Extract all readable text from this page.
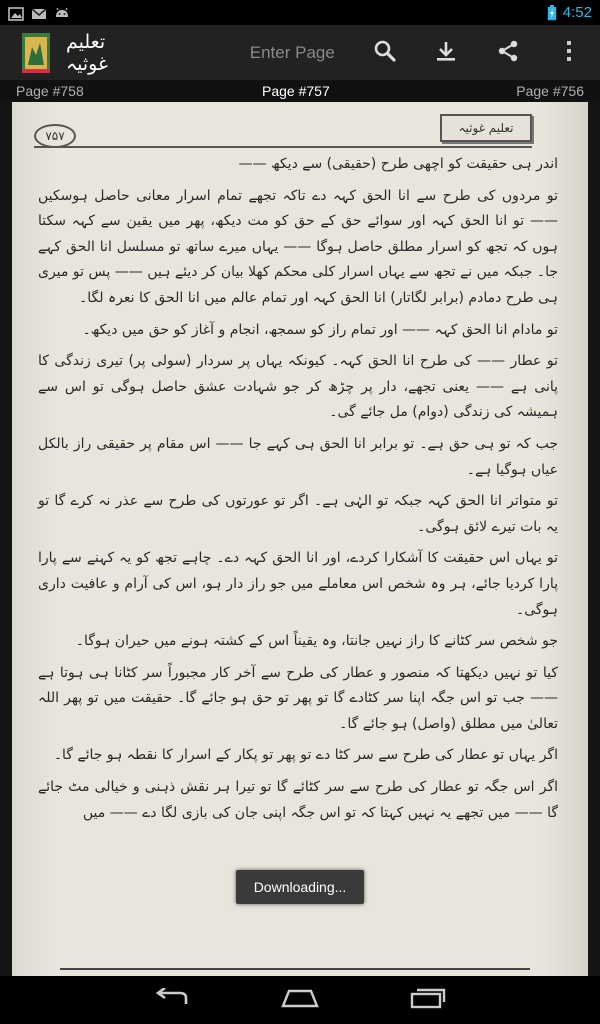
4:52
تعلیم غوثیہ
Enter Page
Page #758	Page #757	Page #756
۷۵۷
تعلیم غوثیہ

اندر ہی حقیقت کو اچھی طرح (حقیقی) سے دیکھ ——

تو مردوں کی طرح سے انا الحق کہہ دے تاکہ تجھے تمام اسرار معانی حاصل ہوسکیں —— تو انا الحق کہہ اور سوائے حق کے حق کو مت دیکھ، پھر میں یقین سے کہہ سکتا ہوں کہ تجھ کو اسرار مطلق حاصل ہوگا —— یہاں میرے ساتھ تو مسلسل انا الحق کہے جا۔ جبکہ میں نے تجھ سے یہاں اسرار کلی محکم کھلا بیان کر دیئے ہیں —— پس تو میری ہی طرح دمادم (برابر لگاتار) انا الحق کہہ اور تمام عالم میں انا الحق کا نعرہ لگا۔

تو مادام انا الحق کہہ —— اور تمام راز کو سمجھ، انجام و آغاز کو حق میں دیکھ۔

تو عطار —— کی طرح انا الحق کہہ۔ کیونکہ یہاں پر سردار (سولی پر) تیری زندگی کا پانی ہے —— یعنی تجھے، دار پر چڑھ کر جو شہادت عشق حاصل ہوگی تو اس سے ہمیشہ کی زندگی (دوام) مل جائے گی۔

جب کہ تو ہی حق ہے۔ تو برابر انا الحق ہی کہے جا —— اس مقام پر حقیقی راز بالکل عیاں ہوگیا ہے۔

تو متواتر انا الحق کہہ جبکہ تو الہٰی ہے۔ اگر تو عورتوں کی طرح سے عذر نہ کرے گا تو یہ بات تیرے لائق ہوگی۔

تو یہاں اس حقیقت کا آشکارا کردے، اور انا الحق کہہ دے۔ چاہے تجھ کو یہ کہنے سے پارا پارا کردیا جائے، ہر وہ شخص اس معاملے میں جو راز دار ہو، اس کی آرام و عافیت داری ہوگی۔

جو شخص سر کٹانے کا راز نہیں جانتا، وہ یقیناً اس کے کشتہ ہونے میں حیران ہوگا۔

کیا تو نہیں دیکھتا کہ منصور و عطار کی طرح سے آخر کار مجبوراً سر کٹانا ہی ہوتا ہے —— جب تو اس جگہ اپنا سر کٹادے گا تو پھر تو حق ہو جائے گا۔ حقیقت میں تو پھر اللہ تعالیٰ میں مطلق (واصل) ہو جائے گا۔

اگر یہاں تو عطار کی طرح سے سر کٹا دے تو پھر تو پکار کے اسرار کا نقطہ ہو جائے گا۔

اگر اس جگہ تو عطار کی طرح سے سر کٹائے گا تو تیرا ہر نقش ذہنی و خیالی مٹ جائے گا —— میں تجھے یہ نہیں کہتا کہ تو اس جگہ اپنی جان کی بازی لگا دے —— میں

Downloading...
